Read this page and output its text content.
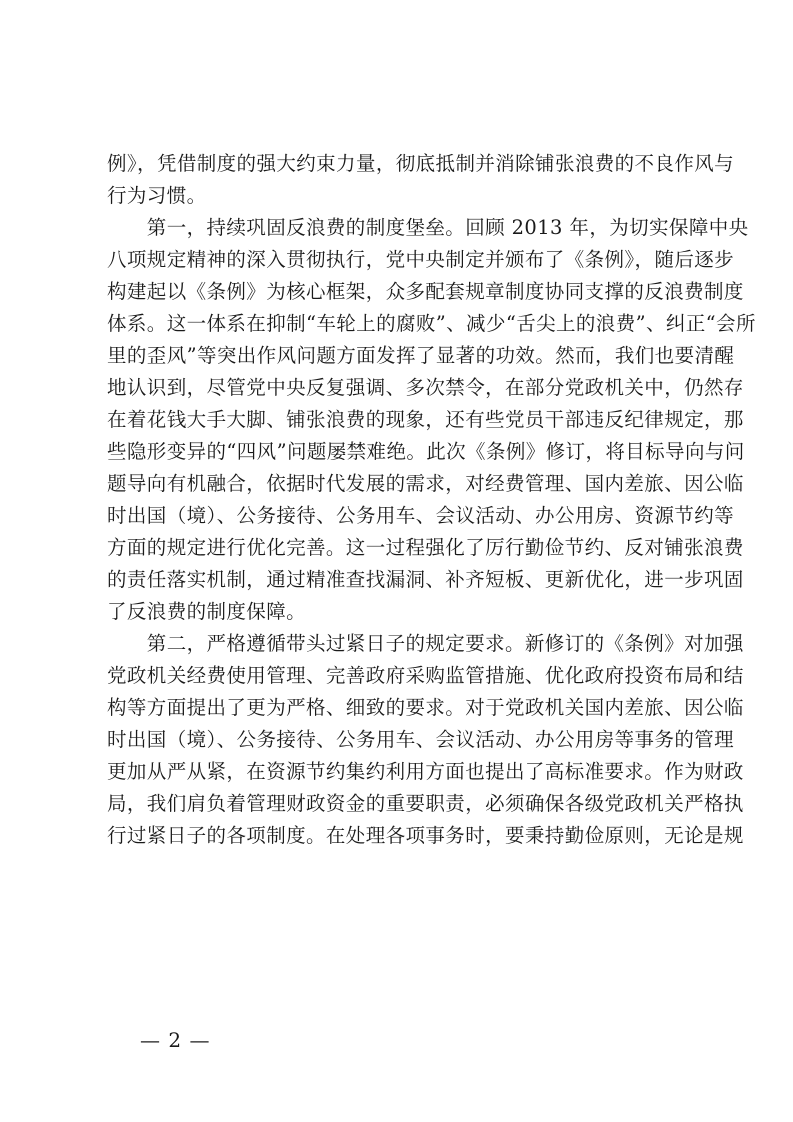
例》，凭借制度的强大约束力量，彻底抵制并消除铺张浪费的不良作风与
行为习惯。
　　第一，持续巩固反浪费的制度堡垒。回顾 2013 年，为切实保障中央
八项规定精神的深入贯彻执行，党中央制定并颁布了《条例》，随后逐步
构建起以《条例》为核心框架，众多配套规章制度协同支撑的反浪费制度
体系。这一体系在抑制“车轮上的腐败”、减少“舌尖上的浪费”、纠正“会所
里的歪风”等突出作风问题方面发挥了显著的功效。然而，我们也要清醒
地认识到，尽管党中央反复强调、多次禁令，在部分党政机关中，仍然存
在着花钱大手大脚、铺张浪费的现象，还有些党员干部违反纪律规定，那
些隐形变异的“四风”问题屡禁难绝。此次《条例》修订，将目标导向与问
题导向有机融合，依据时代发展的需求，对经费管理、国内差旅、因公临
时出国（境）、公务接待、公务用车、会议活动、办公用房、资源节约等
方面的规定进行优化完善。这一过程强化了厉行勤俭节约、反对铺张浪费
的责任落实机制，通过精准查找漏洞、补齐短板、更新优化，进一步巩固
了反浪费的制度保障。
　　第二，严格遵循带头过紧日子的规定要求。新修订的《条例》对加强
党政机关经费使用管理、完善政府采购监管措施、优化政府投资布局和结
构等方面提出了更为严格、细致的要求。对于党政机关国内差旅、因公临
时出国（境）、公务接待、公务用车、会议活动、办公用房等事务的管理
更加从严从紧，在资源节约集约利用方面也提出了高标准要求。作为财政
局，我们肩负着管理财政资金的重要职责，必须确保各级党政机关严格执
行过紧日子的各项制度。在处理各项事务时，要秉持勤俭原则，无论是规
— 2 —
